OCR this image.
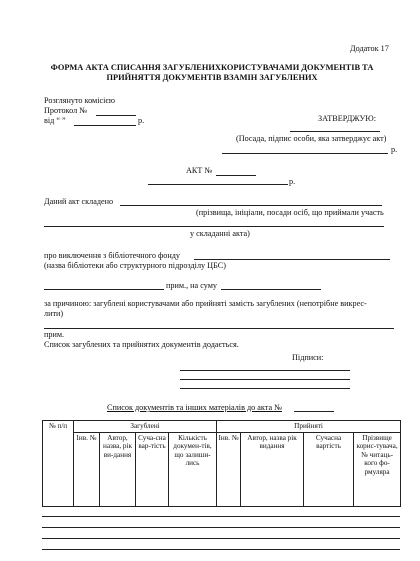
Додаток 17
ФОРМА АКТА СПИСАННЯ ЗАГУБЛЕНИХКОРИСТУВАЧАМИ ДОКУМЕНТІВ ТА
ПРИЙНЯТТЯ ДОКУМЕНТІВ ВЗАМІН ЗАГУБЛЕНИХ
Розглянуто комісією
Протокол №
від “ ”	р.	ЗАТВЕРДЖУЮ:
(Посада, підпис особи, яка затверджує акт)
р.
АКТ №
р.
Даний акт складено
(прізвища, ініціали, посади осіб, що приймали участь
у складанні акта)
про виключення з бібліотечного фонду
(назва бібліотеки або структурного підрозділу ЦБС)
прим., на суму
за причиною: загублені користувачами або прийняті замість загублених (непотрібне викрес-
лити)
прим.
Список загублених та прийнятих документів додається.
Підписи:
Список документів та інших матеріалів до акта №
№ п/п	Загублені				Прийняті			
	Інв. №	Автор, назва, рік ви-дання	Суча-сна вар-тість	Кількість докумен-тів, що залиши-лись	Інв. №	Автор, назва рік видання	Сучасна вартість	Прізвище корис-тувача, № читаць-кого фо-рмуляра
